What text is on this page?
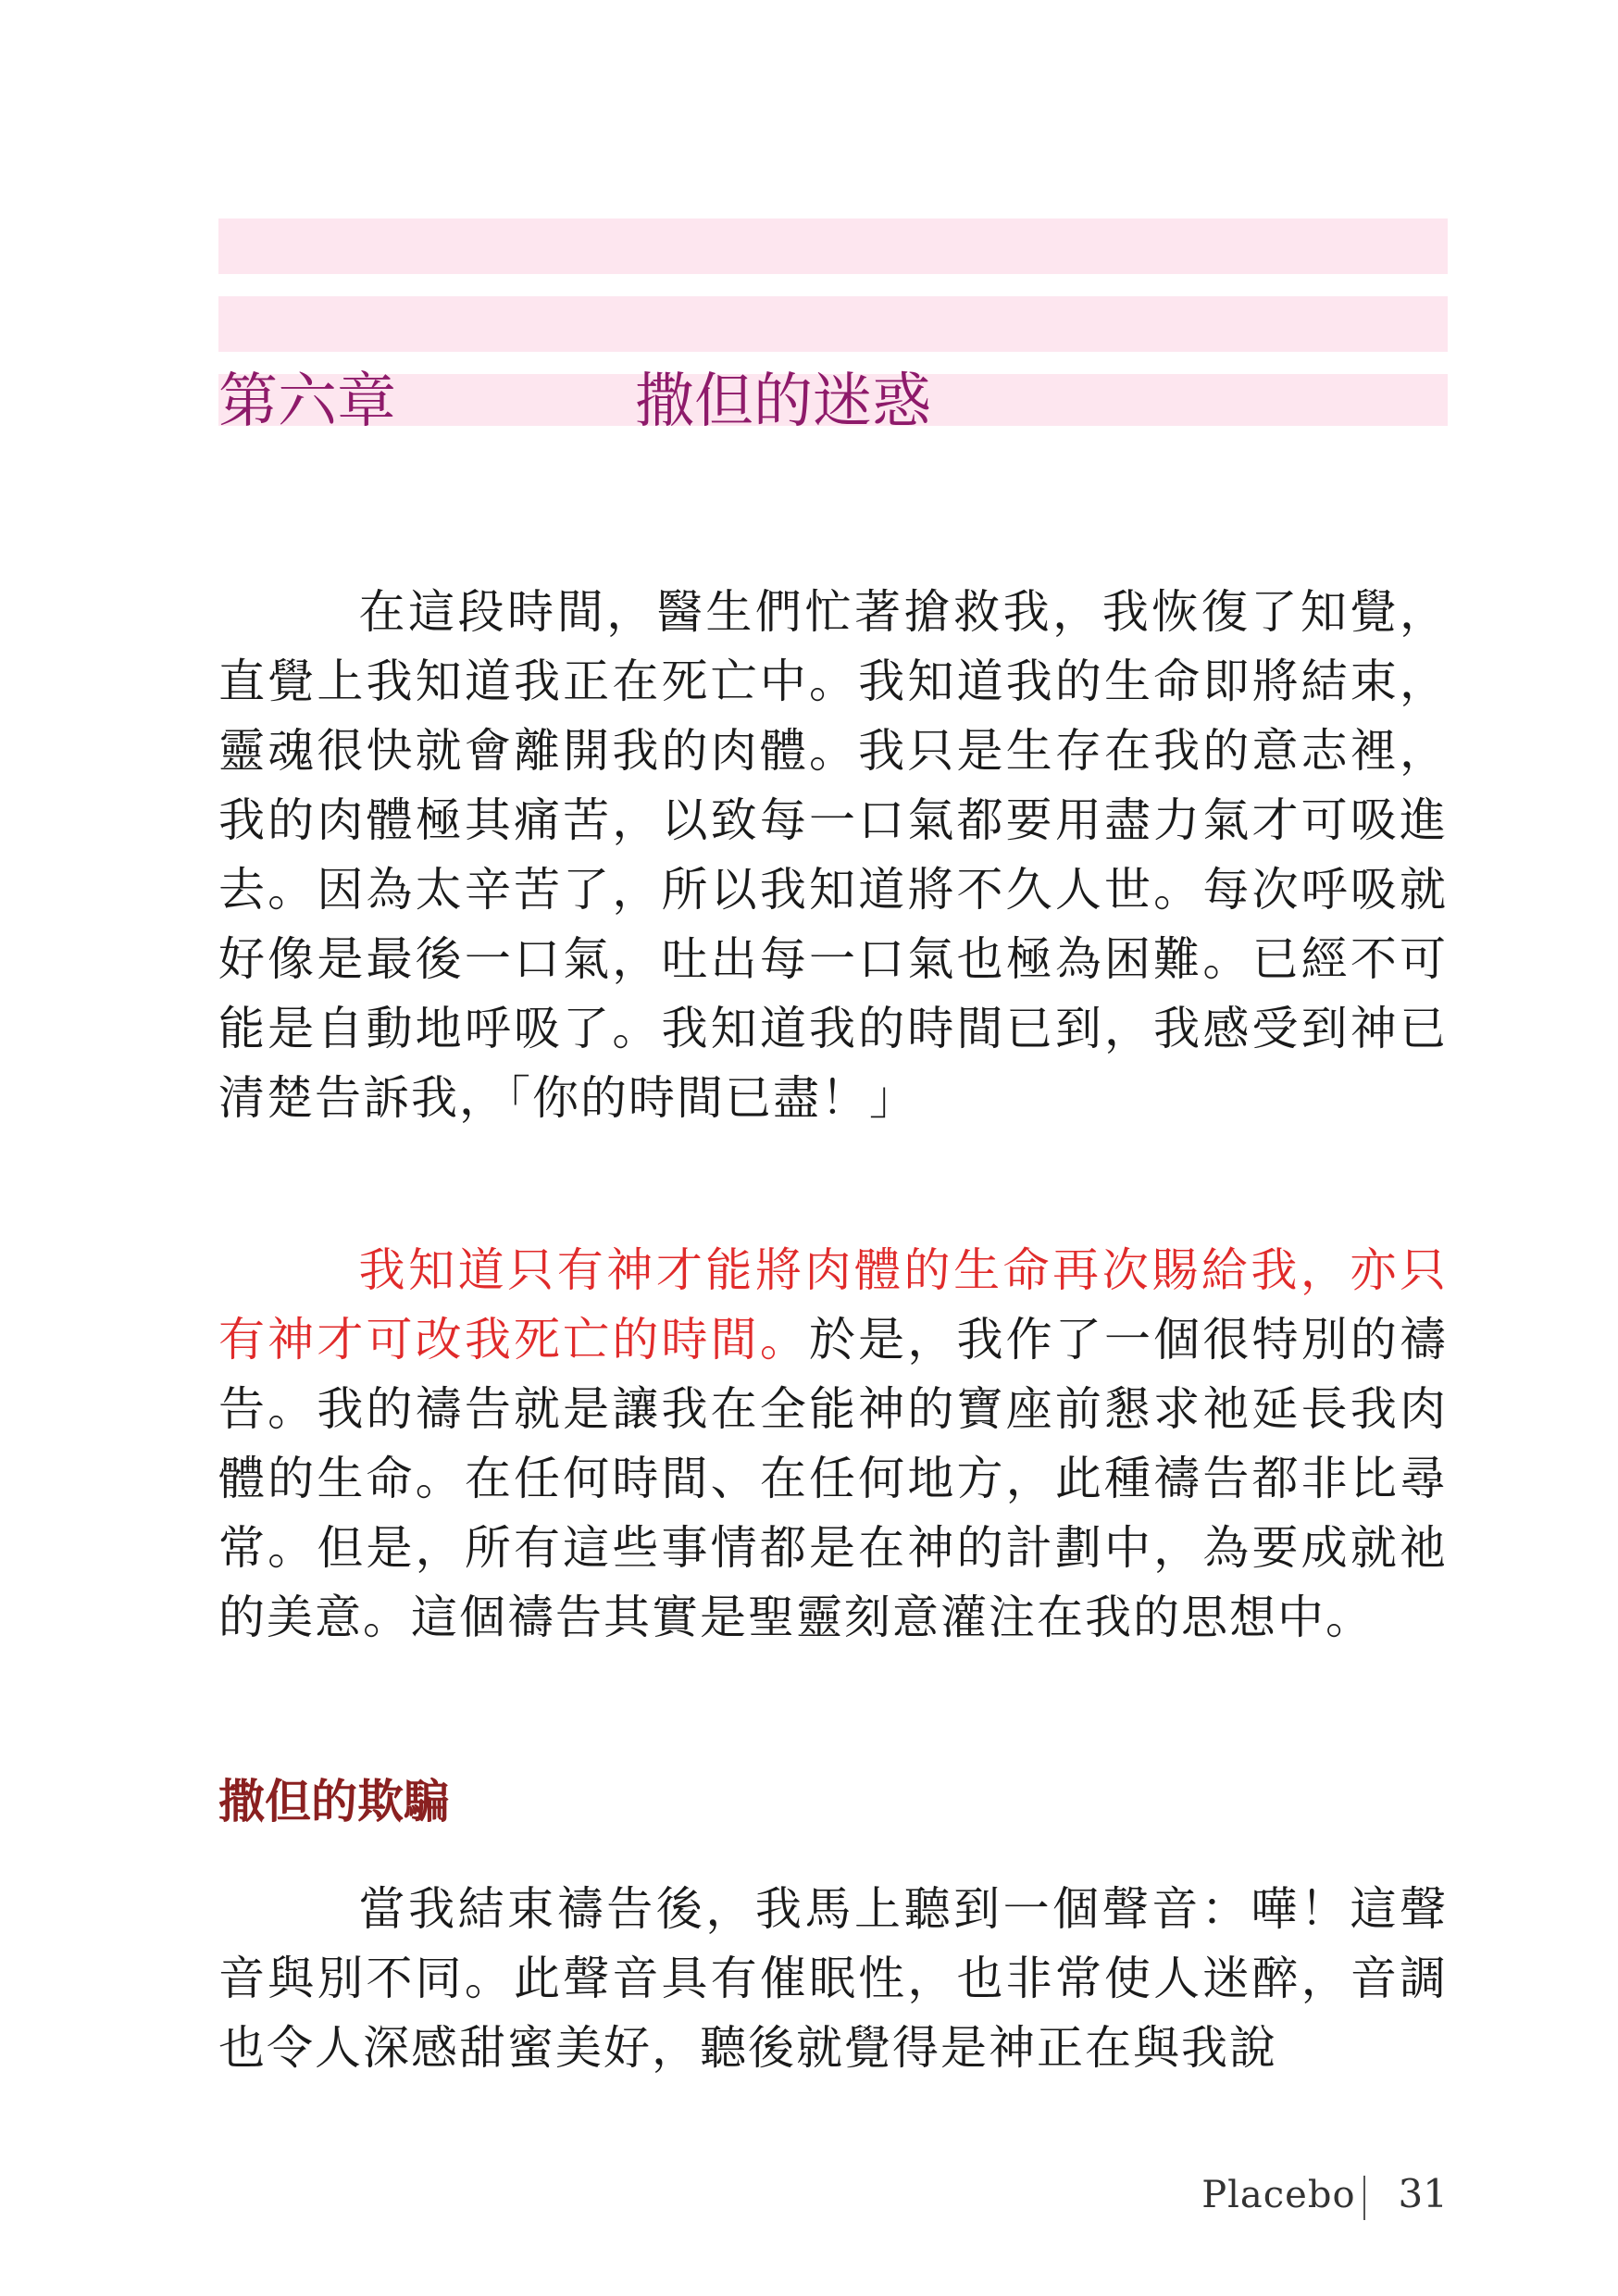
第六章	撒但的迷惑

在這段時間，醫生們忙著搶救我，我恢復了知覺，直覺上我知道我正在死亡中。我知道我的生命即將結束，靈魂很快就會離開我的肉體。我只是生存在我的意志裡，我的肉體極其痛苦，以致每一口氣都要用盡力氣才可吸進去。因為太辛苦了，所以我知道將不久人世。每次呼吸就好像是最後一口氣，吐出每一口氣也極為困難。已經不可能是自動地呼吸了。我知道我的時間已到，我感受到神已清楚告訴我，「你的時間已盡！」

我知道只有神才能將肉體的生命再次賜給我，亦只有神才可改我死亡的時間。於是，我作了一個很特別的禱告。我的禱告就是讓我在全能神的寶座前懇求祂延長我肉體的生命。在任何時間、在任何地方，此種禱告都非比尋常。但是，所有這些事情都是在神的計劃中，為要成就祂的美意。這個禱告其實是聖靈刻意灌注在我的思想中。

撒但的欺騙

當我結束禱告後，我馬上聽到一個聲音：嘩！這聲音與別不同。此聲音具有催眠性，也非常使人迷醉，音調也令人深感甜蜜美好，聽後就覺得是神正在與我說

Placebo 31
